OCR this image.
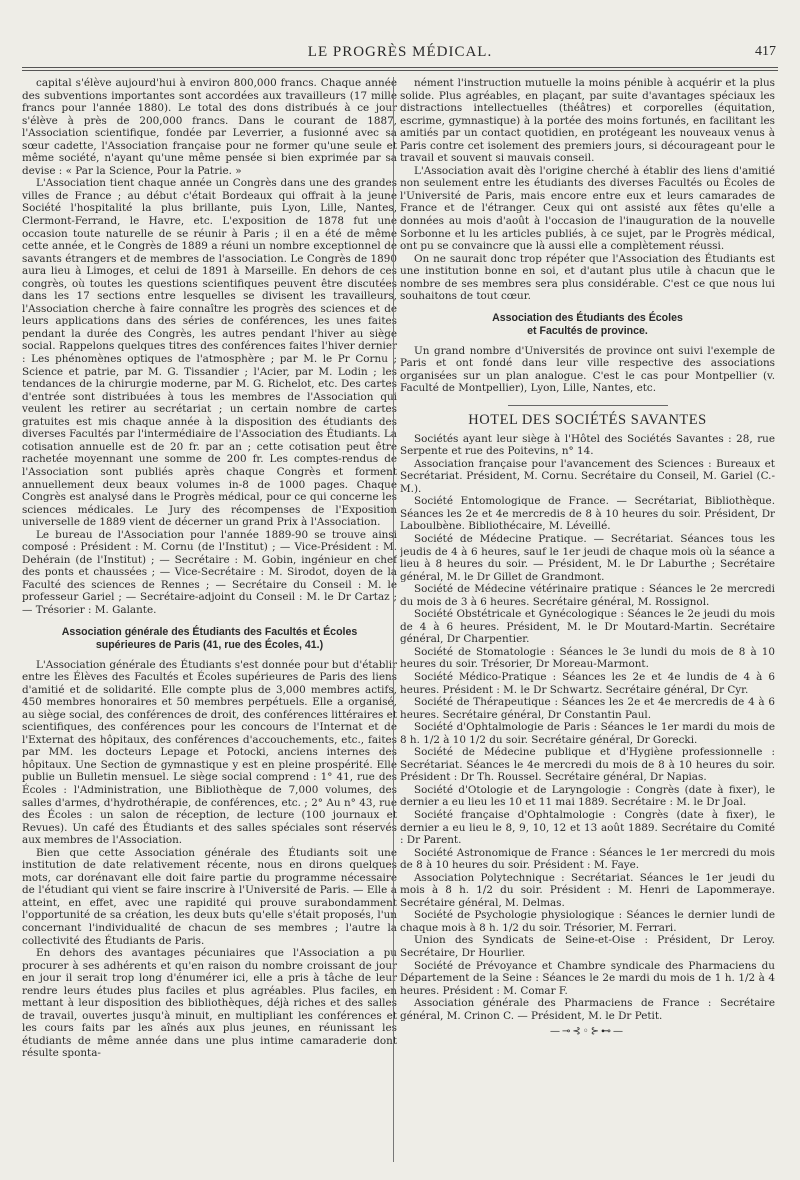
LE PROGRÈS MÉDICAL.	417

capital s'élève aujourd'hui à environ 800,000 francs. Chaque année des subventions importantes sont accordées aux travailleurs (17 mille francs pour l'année 1880). Le total des dons distribués à ce jour s'élève à près de 200,000 francs. Dans le courant de 1887, l'Association scientifique, fondée par Leverrier, a fusionné avec sa sœur cadette, l'Association française pour ne former qu'une seule et même société, n'ayant qu'une même pensée si bien exprimée par sa devise : « Par la Science, Pour la Patrie. »

L'Association tient chaque année un Congrès dans une des grandes villes de France ; au début c'était Bordeaux qui offrait à la jeune Société l'hospitalité la plus brillante, puis Lyon, Lille, Nantes, Clermont-Ferrand, le Havre, etc. L'exposition de 1878 fut une occasion toute naturelle de se réunir à Paris ; il en a été de même cette année, et le Congrès de 1889 a réuni un nombre exceptionnel de savants étrangers et de membres de l'association. Le Congrès de 1890 aura lieu à Limoges, et celui de 1891 à Marseille. En dehors de ces congrès, où toutes les questions scientifiques peuvent être discutées dans les 17 sections entre lesquelles se divisent les travailleurs, l'Association cherche à faire connaître les progrès des sciences et de leurs applications dans des séries de conférences, les unes faites pendant la durée des Congrès, les autres pendant l'hiver au siège social. Rappelons quelques titres des conférences faites l'hiver dernier : Les phénomènes optiques de l'atmosphère ; par M. le Pr Cornu ; Science et patrie, par M. G. Tissandier ; l'Acier, par M. Lodin ; les tendances de la chirurgie moderne, par M. G. Richelot, etc. Des cartes d'entrée sont distribuées à tous les membres de l'Association qui veulent les retirer au secrétariat ; un certain nombre de cartes gratuites est mis chaque année à la disposition des étudiants des diverses Facultés par l'intermédiaire de l'Association des Étudiants. La cotisation annuelle est de 20 fr. par an ; cette cotisation peut être rachetée moyennant une somme de 200 fr. Les comptes-rendus de l'Association sont publiés après chaque Congrès et forment annuellement deux beaux volumes in-8 de 1000 pages. Chaque Congrès est analysé dans le Progrès médical, pour ce qui concerne les sciences médicales. Le Jury des récompenses de l'Exposition universelle de 1889 vient de décerner un grand Prix à l'Association.

Le bureau de l'Association pour l'année 1889-90 se trouve ainsi composé : Président : M. Cornu (de l'Institut) ; — Vice-Président : M. Dehérain (de l'Institut) ; — Secrétaire : M. Gobin, ingénieur en chef des ponts et chaussées ; — Vice-Secrétaire : M. Sirodot, doyen de la Faculté des sciences de Rennes ; — Secrétaire du Conseil : M. le professeur Gariel ; — Secrétaire-adjoint du Conseil : M. le Dr Cartaz ; — Trésorier : M. Galante.

Association générale des Étudiants des Facultés et Écoles
supérieures de Paris (41, rue des Écoles, 41.)

L'Association générale des Étudiants s'est donnée pour but d'établir entre les Élèves des Facultés et Écoles supérieures de Paris des liens d'amitié et de solidarité. Elle compte plus de 3,000 membres actifs, 450 membres honoraires et 50 membres perpétuels. Elle a organisé, au siège social, des conférences de droit, des conférences littéraires et scientifiques, des conférences pour les concours de l'Internat et de l'Externat des hôpitaux, des conférences d'accouchements, etc., faites par MM. les docteurs Lepage et Potocki, anciens internes des hôpitaux. Une Section de gymnastique y est en pleine prospérité. Elle publie un Bulletin mensuel. Le siège social comprend : 1° 41, rue des Écoles : l'Administration, une Bibliothèque de 7,000 volumes, des salles d'armes, d'hydrothérapie, de conférences, etc. ; 2° Au n° 43, rue des Écoles : un salon de réception, de lecture (100 journaux et Revues). Un café des Étudiants et des salles spéciales sont réservés aux membres de l'Association.

Bien que cette Association générale des Étudiants soit une institution de date relativement récente, nous en dirons quelques mots, car dorénavant elle doit faire partie du programme nécessaire de l'étudiant qui vient se faire inscrire à l'Université de Paris. — Elle a atteint, en effet, avec une rapidité qui prouve surabondamment l'opportunité de sa création, les deux buts qu'elle s'était proposés, l'un concernant l'individualité de chacun de ses membres ; l'autre la collectivité des Étudiants de Paris.

En dehors des avantages pécuniaires que l'Association a pu procurer à ses adhérents et qu'en raison du nombre croissant de jour en jour il serait trop long d'énumérer ici, elle a pris à tâche de leur rendre leurs études plus faciles et plus agréables. Plus faciles, en mettant à leur disposition des bibliothèques, déjà riches et des salles de travail, ouvertes jusqu'à minuit, en multipliant les conférences et les cours faits par les aînés aux plus jeunes, en réunissant les étudiants de même année dans une plus intime camaraderie dont résulte sponta-

nément l'instruction mutuelle la moins pénible à acquérir et la plus solide. Plus agréables, en plaçant, par suite d'avantages spéciaux les distractions intellectuelles (théâtres) et corporelles (équitation, escrime, gymnastique) à la portée des moins fortunés, en facilitant les amitiés par un contact quotidien, en protégeant les nouveaux venus à Paris contre cet isolement des premiers jours, si décourageant pour le travail et souvent si mauvais conseil.

L'Association avait dès l'origine cherché à établir des liens d'amitié non seulement entre les étudiants des diverses Facultés ou Écoles de l'Université de Paris, mais encore entre eux et leurs camarades de France et de l'étranger. Ceux qui ont assisté aux fêtes qu'elle a données au mois d'août à l'occasion de l'inauguration de la nouvelle Sorbonne et lu les articles publiés, à ce sujet, par le Progrès médical, ont pu se convaincre que là aussi elle a complètement réussi.

On ne saurait donc trop répéter que l'Association des Étudiants est une institution bonne en soi, et d'autant plus utile à chacun que le nombre de ses membres sera plus considérable. C'est ce que nous lui souhaitons de tout cœur.

Association des Étudiants des Écoles
et Facultés de province.

Un grand nombre d'Universités de province ont suivi l'exemple de Paris et ont fondé dans leur ville respective des associations organisées sur un plan analogue. C'est le cas pour Montpellier (v. Faculté de Montpellier), Lyon, Lille, Nantes, etc.

HOTEL DES SOCIÉTÉS SAVANTES

Sociétés ayant leur siège à l'Hôtel des Sociétés Savantes : 28, rue Serpente et rue des Poitevins, n° 14.

Association française pour l'avancement des Sciences : Bureaux et Secrétariat. Président, M. Cornu. Secrétaire du Conseil, M. Gariel (C.-M.).

Société Entomologique de France. — Secrétariat, Bibliothèque. Séances les 2e et 4e mercredis de 8 à 10 heures du soir. Président, Dr Laboulbène. Bibliothécaire, M. Léveillé.

Société de Médecine Pratique. — Secrétariat. Séances tous les jeudis de 4 à 6 heures, sauf le 1er jeudi de chaque mois où la séance a lieu à 8 heures du soir. — Président, M. le Dr Laburthe ; Secrétaire général, M. le Dr Gillet de Grandmont.

Société de Médecine vétérinaire pratique : Séances le 2e mercredi du mois de 3 à 6 heures. Secrétaire général, M. Rossignol.

Société Obstétricale et Gynécologique : Séances le 2e jeudi du mois de 4 à 6 heures. Président, M. le Dr Moutard-Martin. Secrétaire général, Dr Charpentier.

Société de Stomatologie : Séances le 3e lundi du mois de 8 à 10 heures du soir. Trésorier, Dr Moreau-Marmont.

Société Médico-Pratique : Séances les 2e et 4e lundis de 4 à 6 heures. Président : M. le Dr Schwartz. Secrétaire général, Dr Cyr.

Société de Thérapeutique : Séances les 2e et 4e mercredis de 4 à 6 heures. Secrétaire général, Dr Constantin Paul.

Société d'Ophtalmologie de Paris : Séances le 1er mardi du mois de 8 h. 1/2 à 10 1/2 du soir. Secrétaire général, Dr Gorecki.

Société de Médecine publique et d'Hygiène professionnelle : Secrétariat. Séances le 4e mercredi du mois de 8 à 10 heures du soir. Président : Dr Th. Roussel. Secrétaire général, Dr Napias.

Société d'Otologie et de Laryngologie : Congrès (date à fixer), le dernier a eu lieu les 10 et 11 mai 1889. Secrétaire : M. le Dr Joal.

Société française d'Ophtalmologie : Congrès (date à fixer), le dernier a eu lieu le 8, 9, 10, 12 et 13 août 1889. Secrétaire du Comité : Dr Parent.

Société Astronomique de France : Séances le 1er mercredi du mois de 8 à 10 heures du soir. Président : M. Faye.

Association Polytechnique : Secrétariat. Séances le 1er jeudi du mois à 8 h. 1/2 du soir. Président : M. Henri de Lapommeraye. Secrétaire général, M. Delmas.

Société de Psychologie physiologique : Séances le dernier lundi de chaque mois à 8 h. 1/2 du soir. Trésorier, M. Ferrari.

Union des Syndicats de Seine-et-Oise : Président, Dr Leroy. Secrétaire, Dr Hourlier.

Société de Prévoyance et Chambre syndicale des Pharmaciens du Département de la Seine : Séances le 2e mardi du mois de 1 h. 1/2 à 4 heures. Président : M. Comar F.

Association générale des Pharmaciens de France : Secrétaire général, M. Crinon C. — Président, M. le Dr Petit.

—⊸⊰◦⊱⊷—
